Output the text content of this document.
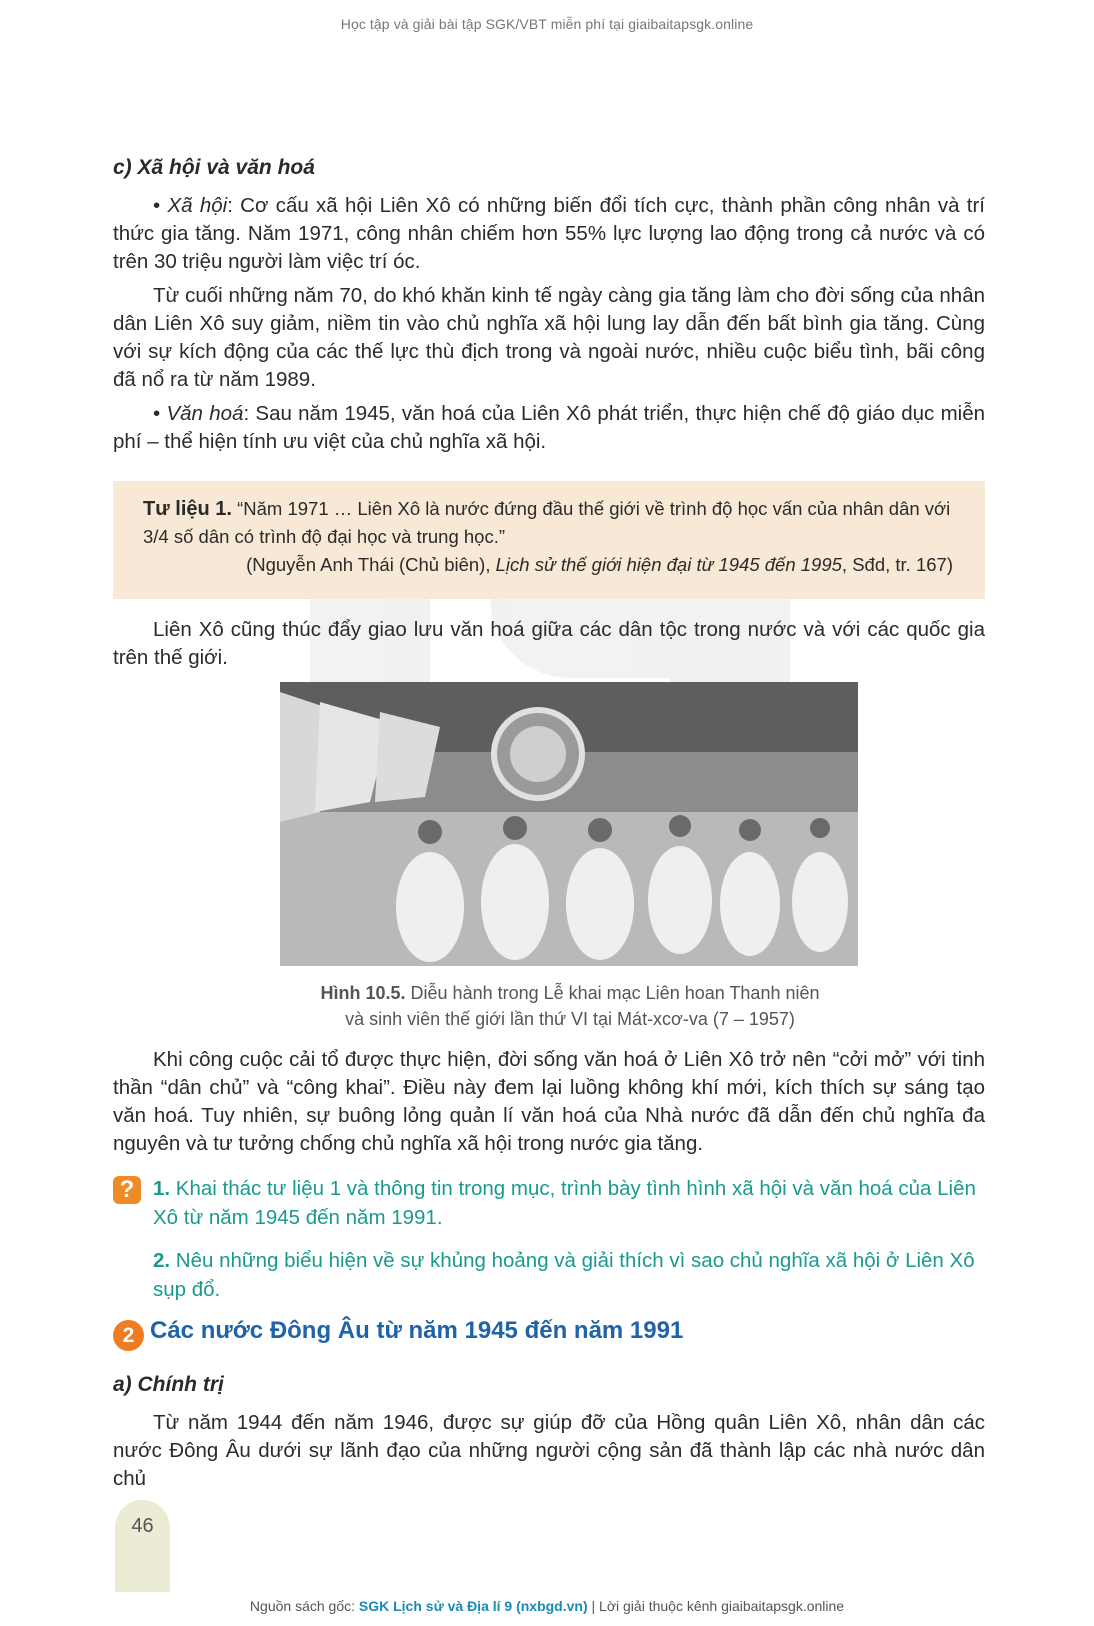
Học tập và giải bài tập SGK/VBT miễn phí tại giaibaitapsgk.online
c) Xã hội và văn hoá

• Xã hội: Cơ cấu xã hội Liên Xô có những biến đổi tích cực, thành phần công nhân và trí thức gia tăng. Năm 1971, công nhân chiếm hơn 55% lực lượng lao động trong cả nước và có trên 30 triệu người làm việc trí óc.

Từ cuối những năm 70, do khó khăn kinh tế ngày càng gia tăng làm cho đời sống của nhân dân Liên Xô suy giảm, niềm tin vào chủ nghĩa xã hội lung lay dẫn đến bất bình gia tăng. Cùng với sự kích động của các thế lực thù địch trong và ngoài nước, nhiều cuộc biểu tình, bãi công đã nổ ra từ năm 1989.

• Văn hoá: Sau năm 1945, văn hoá của Liên Xô phát triển, thực hiện chế độ giáo dục miễn phí – thể hiện tính ưu việt của chủ nghĩa xã hội.

Tư liệu 1. “Năm 1971 … Liên Xô là nước đứng đầu thế giới về trình độ học vấn của nhân dân với 3/4 số dân có trình độ đại học và trung học.”
(Nguyễn Anh Thái (Chủ biên), Lịch sử thế giới hiện đại từ 1945 đến 1995, Sđd, tr. 167)

Liên Xô cũng thúc đẩy giao lưu văn hoá giữa các dân tộc trong nước và với các quốc gia trên thế giới.

Hình 10.5. Diễu hành trong Lễ khai mạc Liên hoan Thanh niên
và sinh viên thế giới lần thứ VI tại Mát-xcơ-va (7 – 1957)

Khi công cuộc cải tổ được thực hiện, đời sống văn hoá ở Liên Xô trở nên “cởi mở” với tinh thần “dân chủ” và “công khai”. Điều này đem lại luồng không khí mới, kích thích sự sáng tạo văn hoá. Tuy nhiên, sự buông lỏng quản lí văn hoá của Nhà nước đã dẫn đến chủ nghĩa đa nguyên và tư tưởng chống chủ nghĩa xã hội trong nước gia tăng.

? 1. Khai thác tư liệu 1 và thông tin trong mục, trình bày tình hình xã hội và văn hoá của Liên Xô từ năm 1945 đến năm 1991.
2. Nêu những biểu hiện về sự khủng hoảng và giải thích vì sao chủ nghĩa xã hội ở Liên Xô sụp đổ.
2 Các nước Đông Âu từ năm 1945 đến năm 1991
a) Chính trị

Từ năm 1944 đến năm 1946, được sự giúp đỡ của Hồng quân Liên Xô, nhân dân các nước Đông Âu dưới sự lãnh đạo của những người cộng sản đã thành lập các nhà nước dân chủ

46
Nguồn sách gốc: SGK Lịch sử và Địa lí 9 (nxbgd.vn) | Lời giải thuộc kênh giaibaitapsgk.online
